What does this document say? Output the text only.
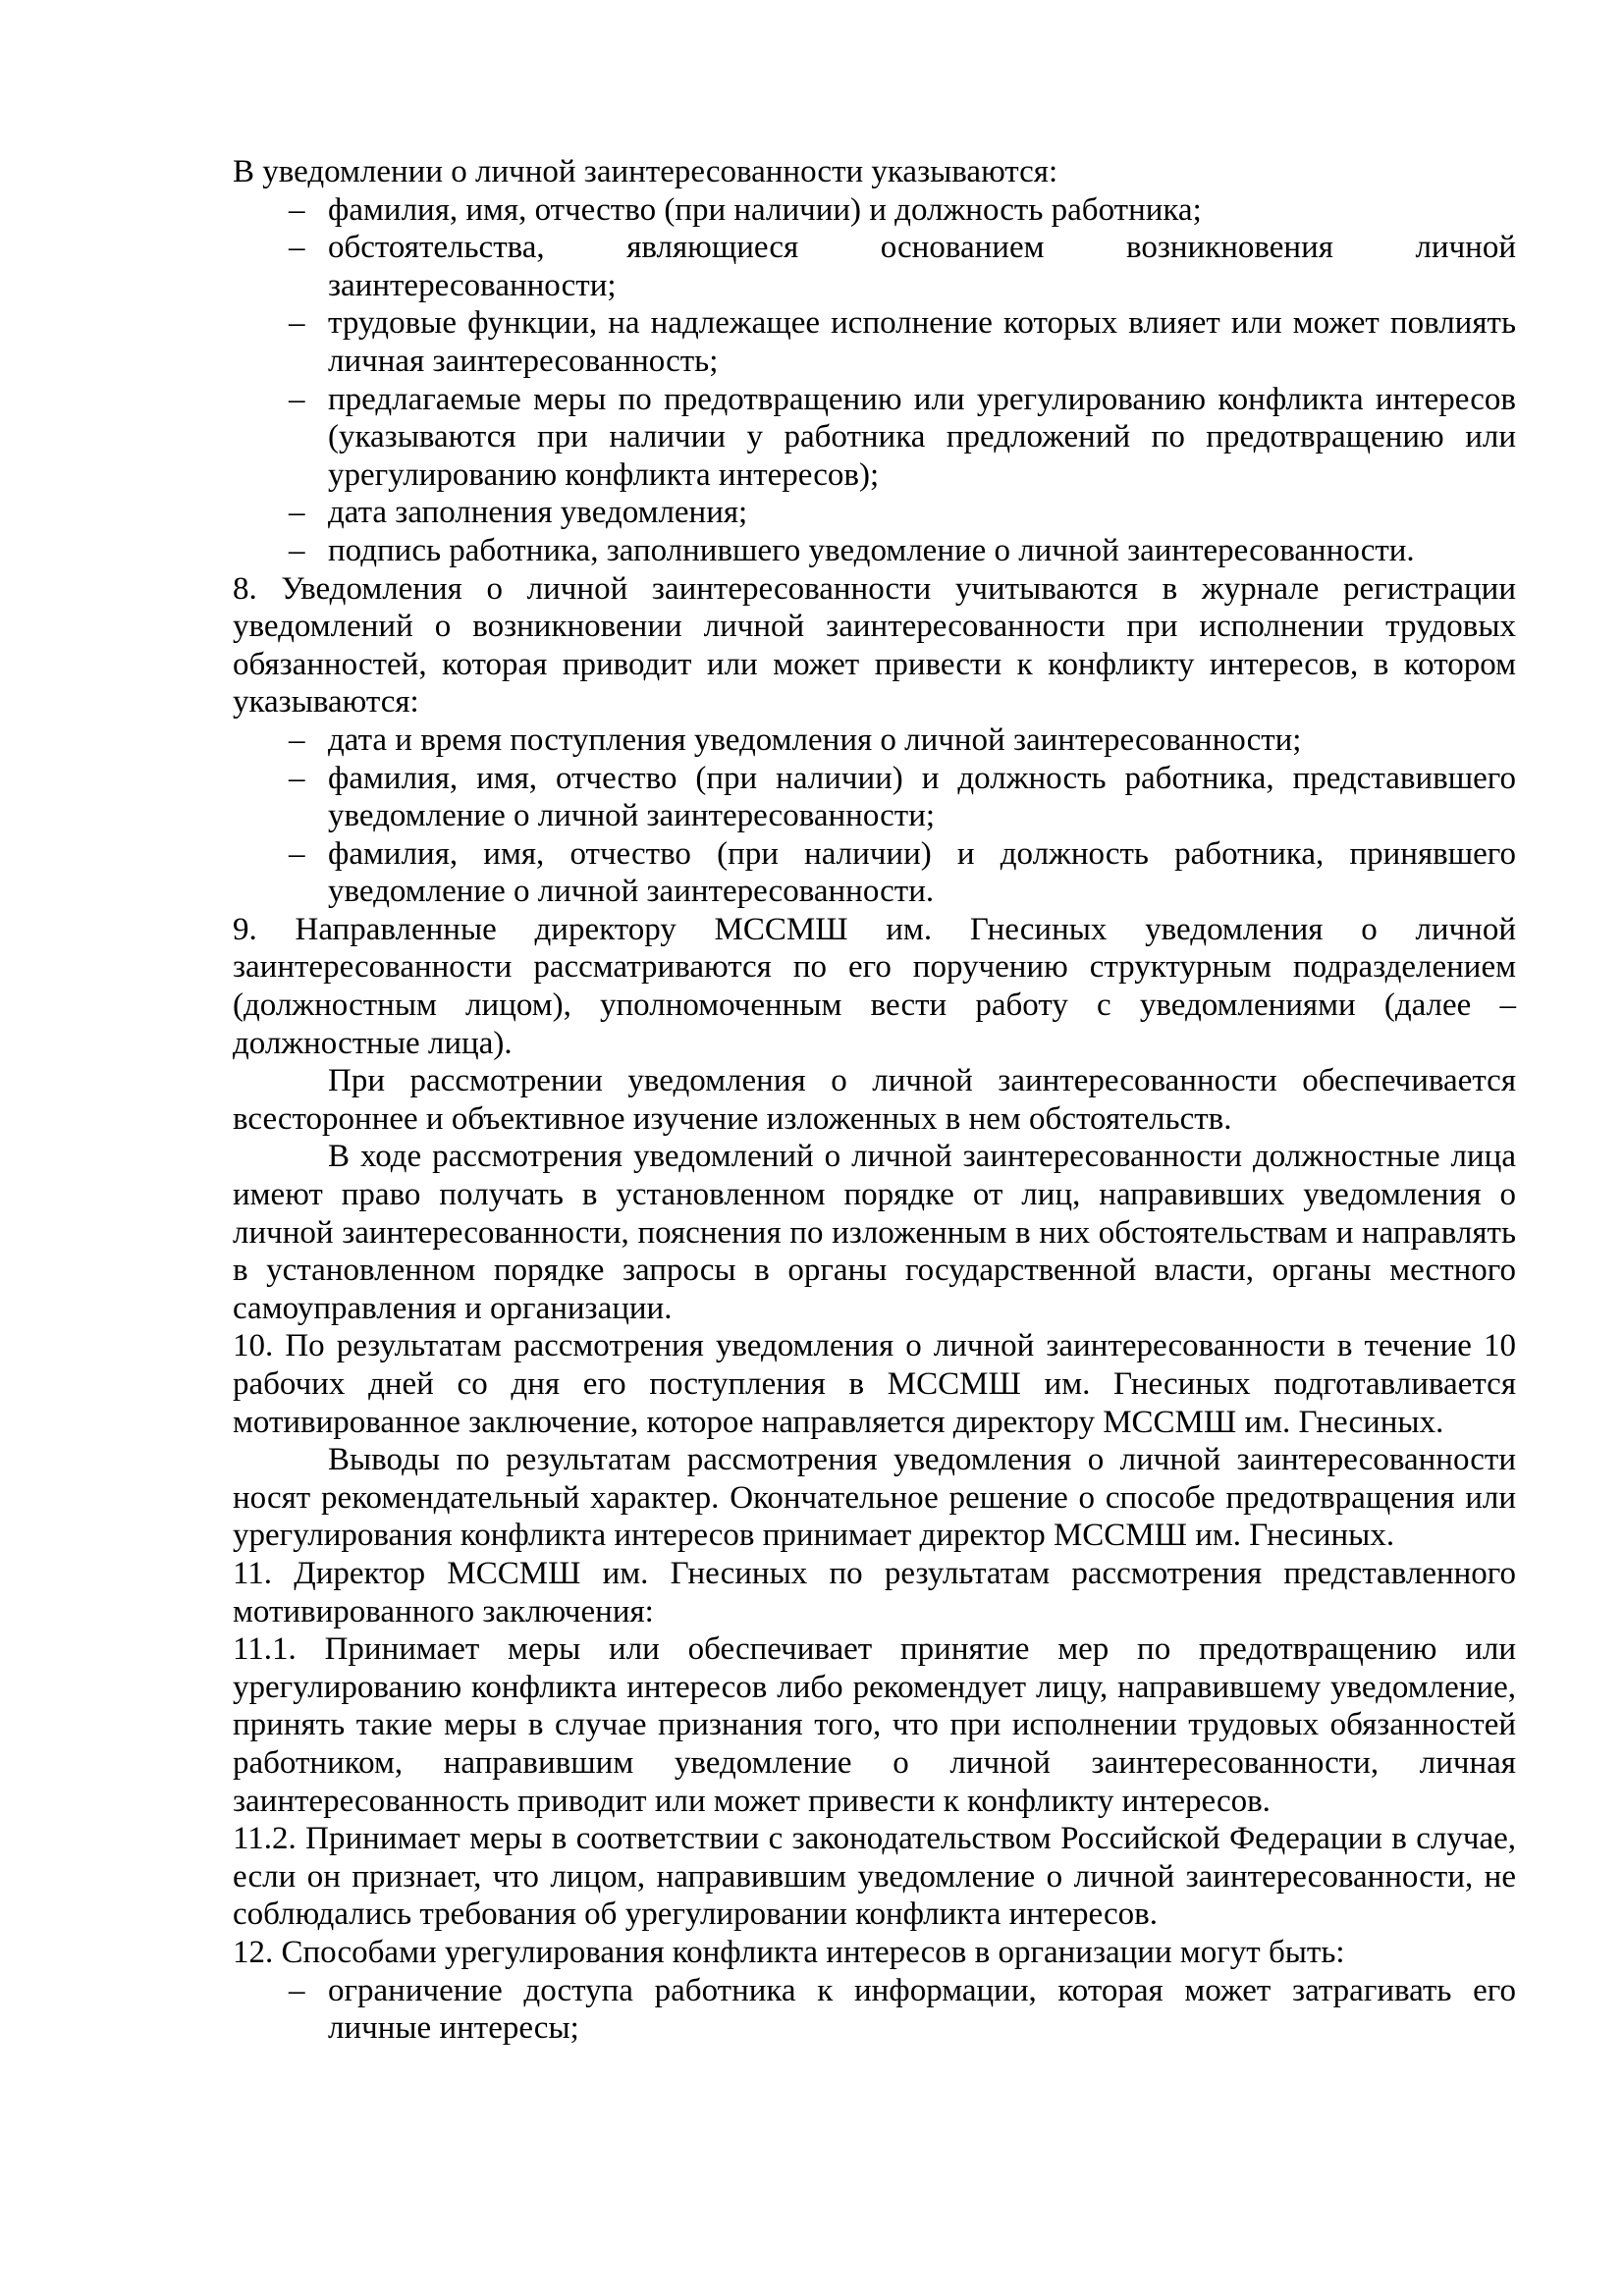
В уведомлении о личной заинтересованности указываются:

– фамилия, имя, отчество (при наличии) и должность работника;
– обстоятельства, являющиеся основанием возникновения личной заинтересованности;
– трудовые функции, на надлежащее исполнение которых влияет или может повлиять личная заинтересованность;
– предлагаемые меры по предотвращению или урегулированию конфликта интересов (указываются при наличии у работника предложений по предотвращению или урегулированию конфликта интересов);
– дата заполнения уведомления;
– подпись работника, заполнившего уведомление о личной заинтересованности.

8. Уведомления о личной заинтересованности учитываются в журнале регистрации уведомлений о возникновении личной заинтересованности при исполнении трудовых обязанностей, которая приводит или может привести к конфликту интересов, в котором указываются:

– дата и время поступления уведомления о личной заинтересованности;
– фамилия, имя, отчество (при наличии) и должность работника, представившего уведомление о личной заинтересованности;
– фамилия, имя, отчество (при наличии) и должность работника, принявшего уведомление о личной заинтересованности.

9. Направленные директору МССМШ им. Гнесиных уведомления о личной заинтересованности рассматриваются по его поручению структурным подразделением (должностным лицом), уполномоченным вести работу с уведомлениями (далее – должностные лица).

При рассмотрении уведомления о личной заинтересованности обеспечивается всестороннее и объективное изучение изложенных в нем обстоятельств.

В ходе рассмотрения уведомлений о личной заинтересованности должностные лица имеют право получать в установленном порядке от лиц, направивших уведомления о личной заинтересованности, пояснения по изложенным в них обстоятельствам и направлять в установленном порядке запросы в органы государственной власти, органы местного самоуправления и организации.

10. По результатам рассмотрения уведомления о личной заинтересованности в течение 10 рабочих дней со дня его поступления в МССМШ им. Гнесиных подготавливается мотивированное заключение, которое направляется директору МССМШ им. Гнесиных.

Выводы по результатам рассмотрения уведомления о личной заинтересованности носят рекомендательный характер. Окончательное решение о способе предотвращения или урегулирования конфликта интересов принимает директор МССМШ им. Гнесиных.

11. Директор МССМШ им. Гнесиных по результатам рассмотрения представленного мотивированного заключения:

11.1. Принимает меры или обеспечивает принятие мер по предотвращению или урегулированию конфликта интересов либо рекомендует лицу, направившему уведомление, принять такие меры в случае признания того, что при исполнении трудовых обязанностей работником, направившим уведомление о личной заинтересованности, личная заинтересованность приводит или может привести к конфликту интересов.

11.2. Принимает меры в соответствии с законодательством Российской Федерации в случае, если он признает, что лицом, направившим уведомление о личной заинтересованности, не соблюдались требования об урегулировании конфликта интересов.

12. Способами урегулирования конфликта интересов в организации могут быть:

– ограничение доступа работника к информации, которая может затрагивать его личные интересы;
